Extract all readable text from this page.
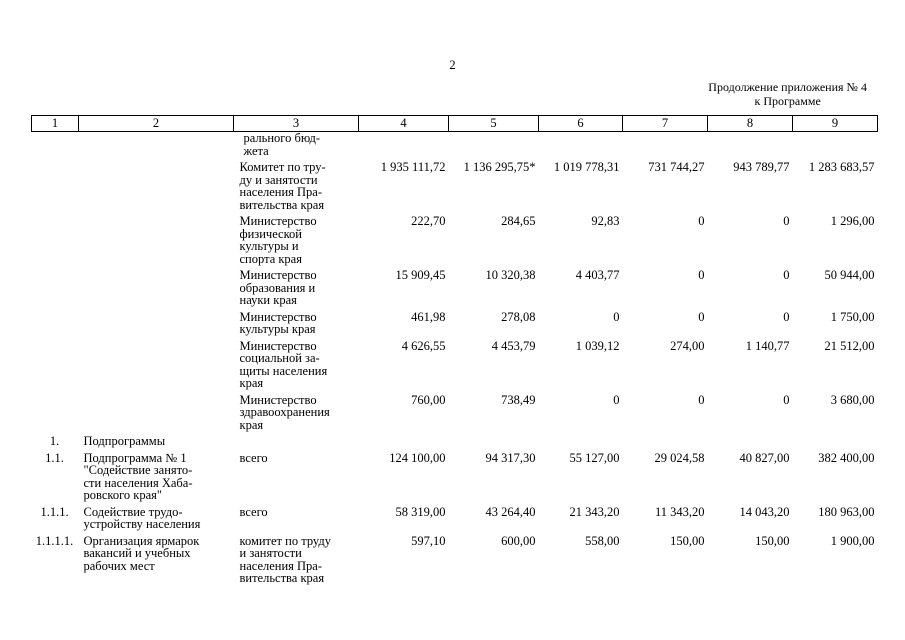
2
Продолжение приложения № 4
к Программе
1	2	3	4	5	6	7	8	9
		рального бюд-
жета						
		Комитет по тру-
ду и занятости
населения Пра-
вительства края	1 935 111,72	1 136 295,75*	1 019 778,31	731 744,27	943 789,77	1 283 683,57
		Министерство
физической
культуры и
спорта края	222,70	284,65	92,83	0	0	1 296,00
		Министерство
образования и
науки края	15 909,45	10 320,38	4 403,77	0	0	50 944,00
		Министерство
культуры края	461,98	278,08	0	0	0	1 750,00
		Министерство
социальной за-
щиты населения
края	4 626,55	4 453,79	1 039,12	274,00	1 140,77	21 512,00
		Министерство
здравоохранения
края	760,00	738,49	0	0	0	3 680,00
1.	Подпрограммы							
1.1.	Подпрограмма № 1
"Содействие занято-
сти населения Хаба-
ровского края"	всего	124 100,00	94 317,30	55 127,00	29 024,58	40 827,00	382 400,00
1.1.1.	Содействие трудо-
устройству населения	всего	58 319,00	43 264,40	21 343,20	11 343,20	14 043,20	180 963,00
1.1.1.1.	Организация ярмарок
вакансий и учебных
рабочих мест	комитет по труду
и занятости
населения Пра-
вительства края	597,10	600,00	558,00	150,00	150,00	1 900,00
